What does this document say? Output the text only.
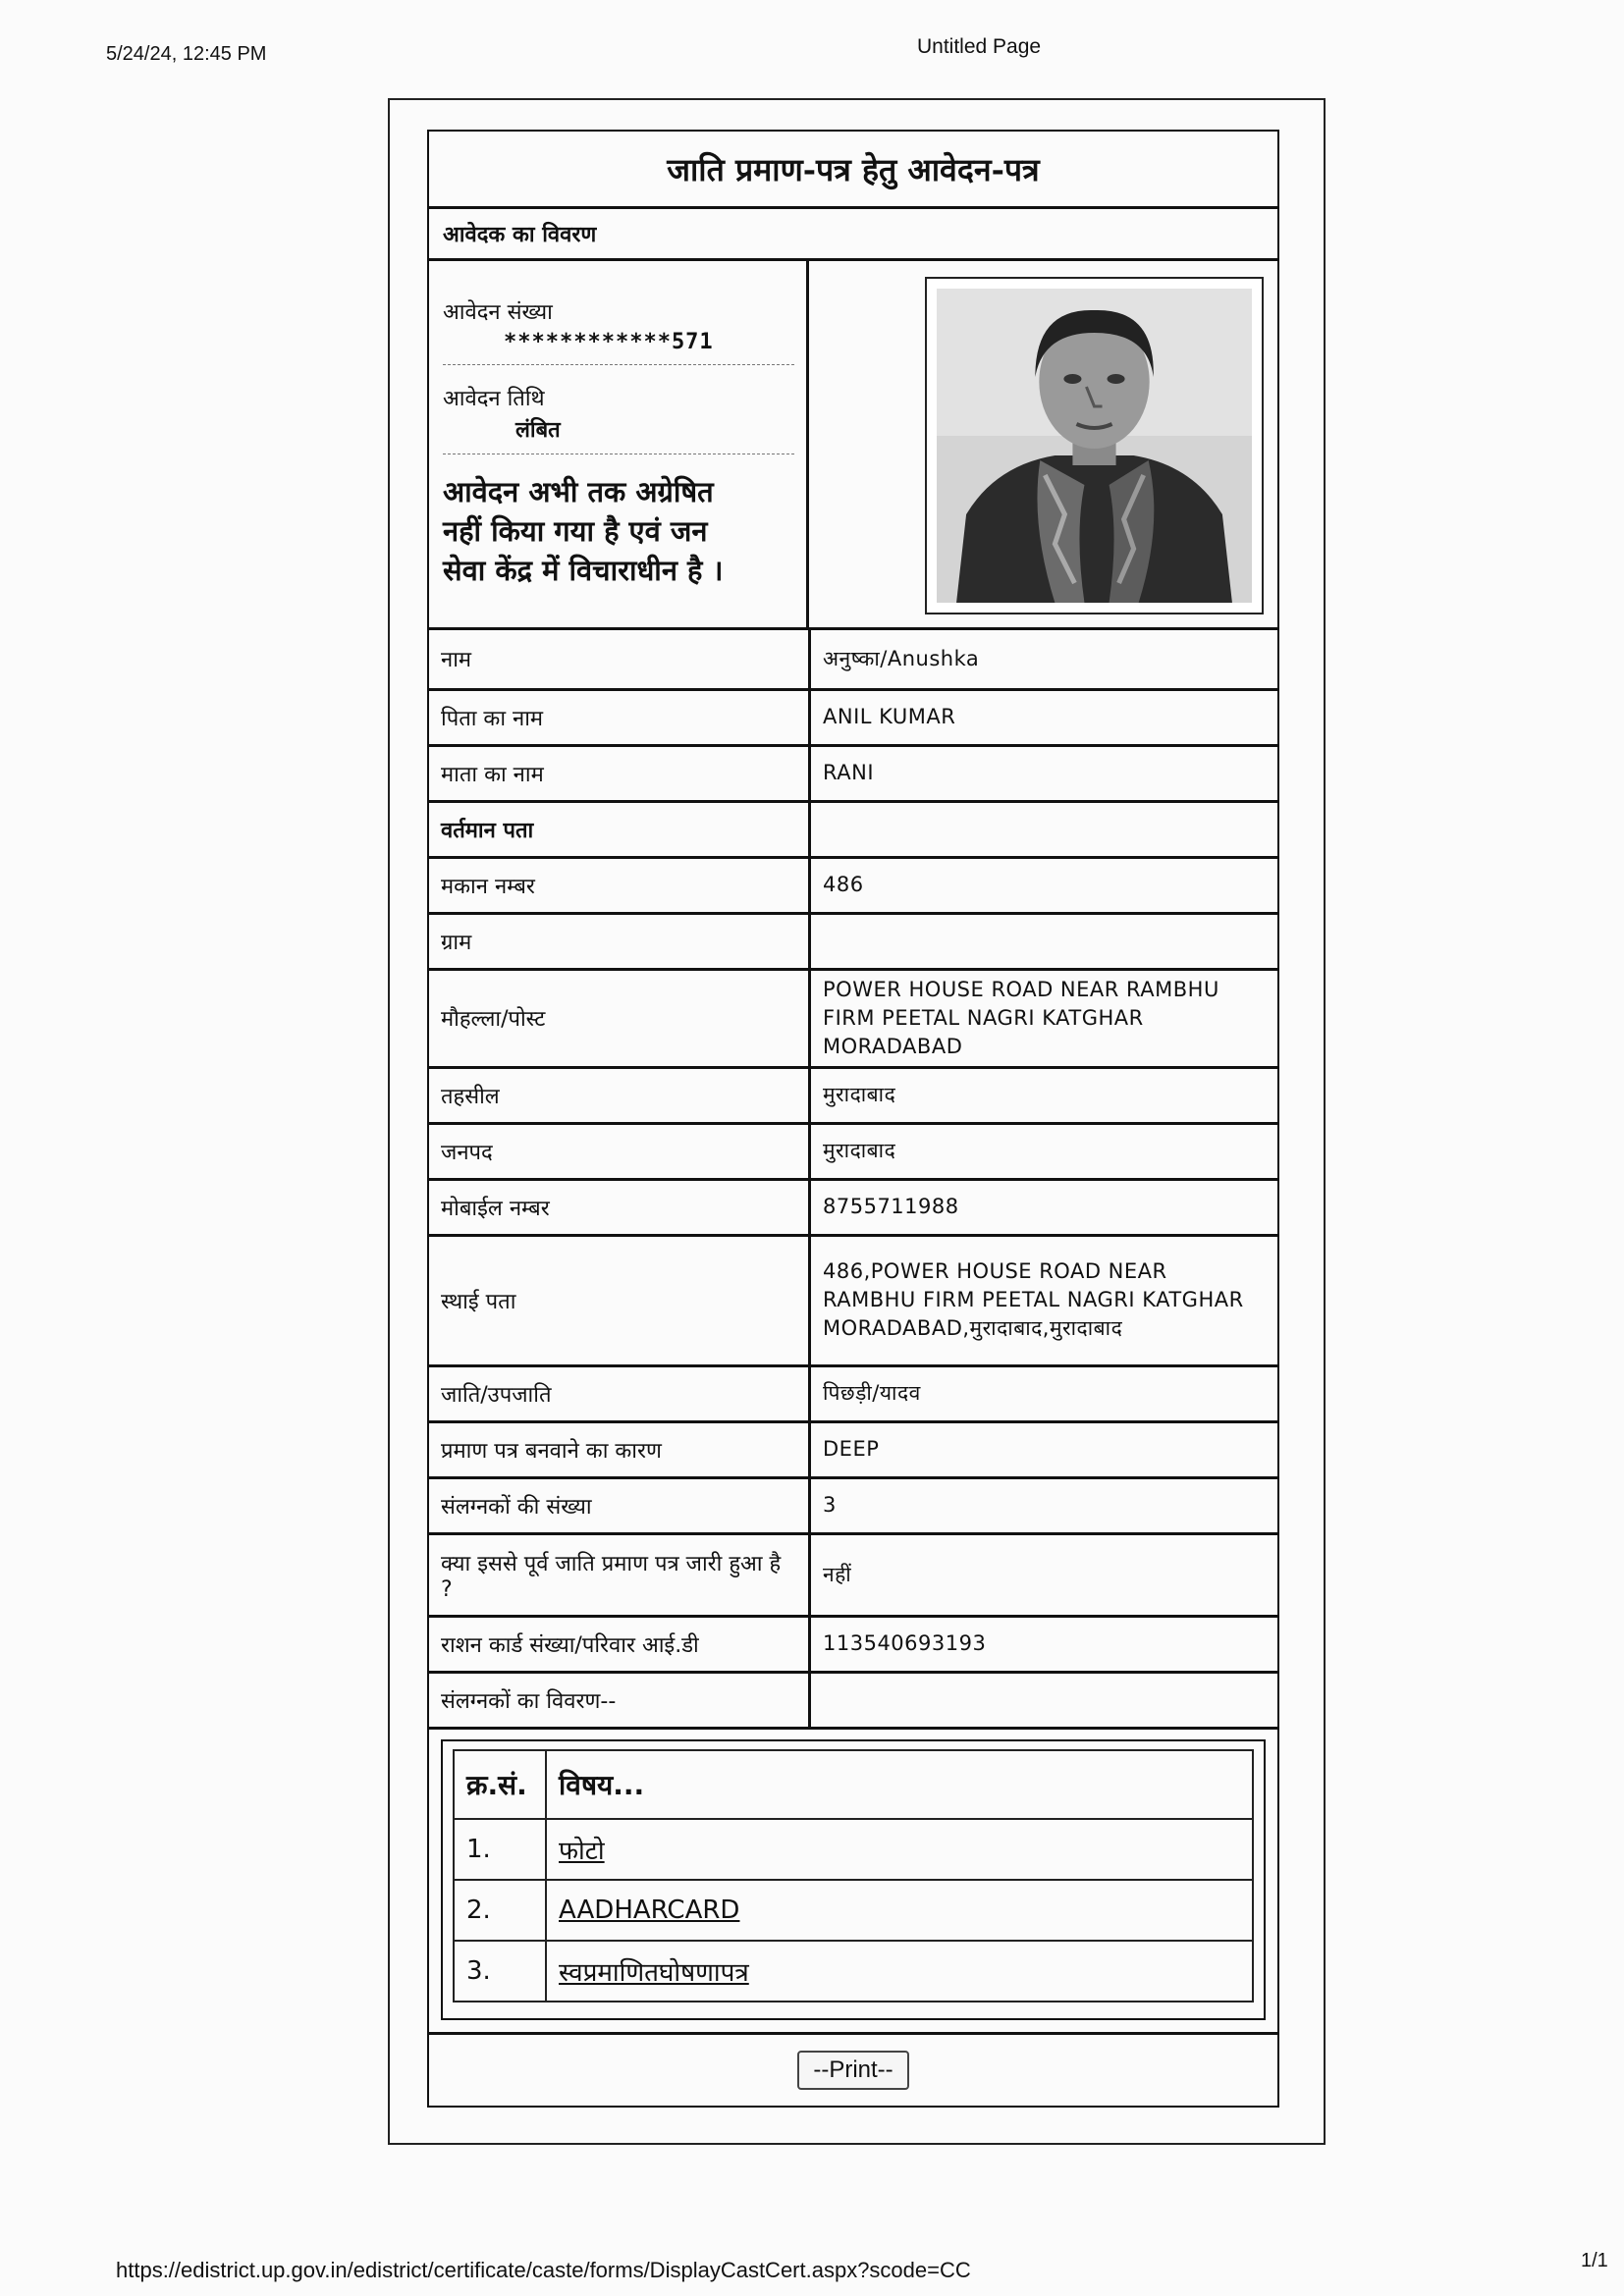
5/24/24, 12:45 PM	Untitled Page
जाति प्रमाण-पत्र हेतु आवेदन-पत्र
आवेदक का विवरण
आवेदन संख्या
************571
आवेदन तिथि
लंबित
आवेदन अभी तक अग्रेषित
नहीं किया गया है एवं जन
सेवा केंद्र में विचाराधीन है ।
नाम	अनुष्का/Anushka
पिता का नाम	ANIL KUMAR
माता का नाम	RANI
वर्तमान पता	
मकान नम्बर	486
ग्राम	
मौहल्ला/पोस्ट	POWER HOUSE ROAD NEAR RAMBHU FIRM PEETAL NAGRI KATGHAR MORADABAD
तहसील	मुरादाबाद
जनपद	मुरादाबाद
मोबाईल नम्बर	8755711988
स्थाई पता	486,POWER HOUSE ROAD NEAR RAMBHU FIRM PEETAL NAGRI KATGHAR MORADABAD,मुरादाबाद,मुरादाबाद
जाति/उपजाति	पिछड़ी/यादव
प्रमाण पत्र बनवाने का कारण	DEEP
संलग्नकों की संख्या	3
क्या इससे पूर्व जाति प्रमाण पत्र जारी हुआ है ?	नहीं
राशन कार्ड संख्या/परिवार आई.डी	113540693193
संलग्नकों का विवरण--	
क्र.सं.	विषय...
1.	फोटो
2.	AADHARCARD
3.	स्वप्रमाणितघोषणापत्र
--Print--
https://edistrict.up.gov.in/edistrict/certificate/caste/forms/DisplayCastCert.aspx?scode=CC	1/1
